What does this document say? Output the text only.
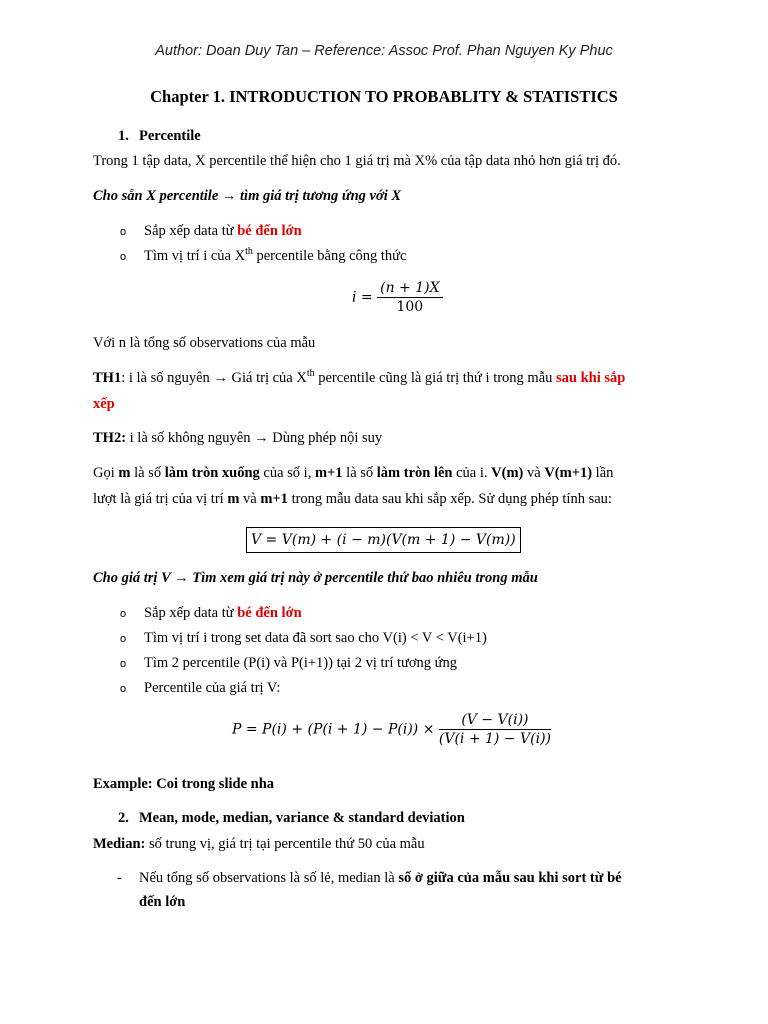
Author: Doan Duy Tan – Reference: Assoc Prof. Phan Nguyen Ky Phuc
Chapter 1. INTRODUCTION TO PROBABLITY & STATISTICS
1. Percentile
Trong 1 tập data, X percentile thể hiện cho 1 giá trị mà X% của tập data nhỏ hơn giá trị đó.
Cho sẵn X percentile → tìm giá trị tương ứng với X
o Sắp xếp data từ bé đến lớn
o Tìm vị trí i của Xth percentile bằng công thức
$i = \frac{(n + 1)X}{100}$
Với n là tổng số observations của mẫu
TH1: i là số nguyên → Giá trị của Xth percentile cũng là giá trị thứ i trong mẫu sau khi sắp
xếp
TH2: i là số không nguyên → Dùng phép nội suy
Gọi m là số làm tròn xuống của số i, m+1 là số làm tròn lên của i. V(m) và V(m+1) lần
lượt là giá trị của vị trí m và m+1 trong mẫu data sau khi sắp xếp. Sử dụng phép tính sau:
V = V(m) + (i − m)(V(m + 1) − V(m))
Cho giá trị V → Tìm xem giá trị này ở percentile thứ bao nhiêu trong mẫu
o Sắp xếp data từ bé đến lớn
o Tìm vị trí i trong set data đã sort sao cho V(i) < V < V(i+1)
o Tìm 2 percentile (P(i) và P(i+1)) tại 2 vị trí tương ứng
o Percentile của giá trị V:
$P = P(i) + (P(i + 1) - P(i)) \times \frac{(V - V(i))}{(V(i + 1) - V(i))}$
Example: Coi trong slide nha
2. Mean, mode, median, variance & standard deviation
Median: số trung vị, giá trị tại percentile thứ 50 của mẫu
- Nếu tổng số observations là số lẻ, median là số ở giữa của mẫu sau khi sort từ bé
đến lớn
